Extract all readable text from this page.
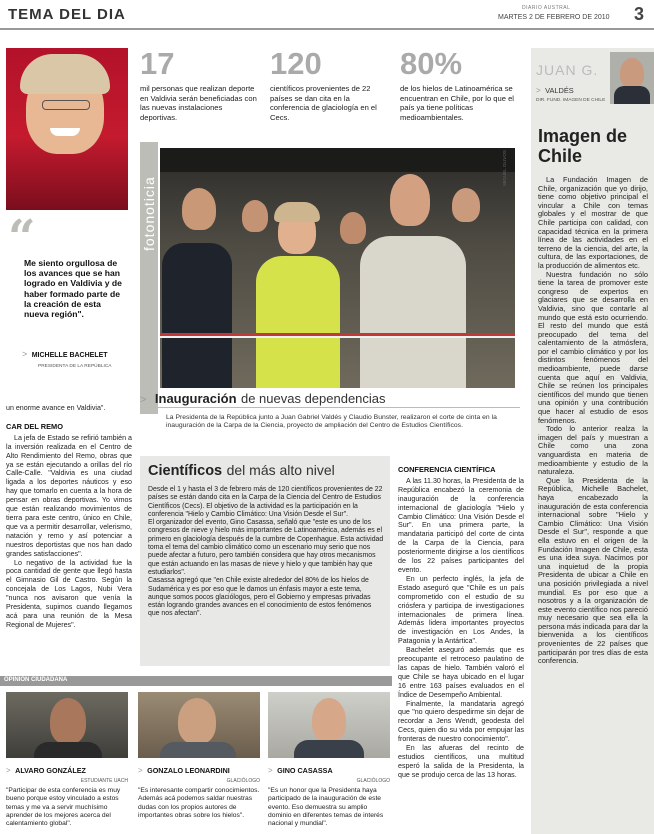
TEMA DEL DIA	DIARIO AUSTRAL
MARTES 2 DE FEBRERO DE 2010 3
17
mil personas que realizan deporte en Valdivia serán beneficiadas con las nuevas instalaciones deportivas.
120
científicos provenientes de 22 países se dan cita en la conferencia de glaciología en el Cecs.
80%
de los hielos de Latinoamérica se encuentran en Chile, por lo que el país ya tiene políticas medioambientales.
fotonoticia
MIGUEL OLIVOS
> Inauguración de nuevas dependencias
La Presidenta de la República junto a Juan Gabriel Valdés y Claudio Bunster, realizaron el corte de cinta en la inauguración de la Carpa de la Ciencia, proyecto de ampliación del Centro de Estudios Científicos.
“
Me siento orgullosa de los avances que se han logrado en Valdivia y de haber formado parte de la creación de esta nueva región".
> MICHELLE BACHELET
PRESIDENTA DE LA REPÚBLICA
un enorme avance en Valdivia".
CAR DEL REMO

La jefa de Estado se refirió también a la inversión realizada en el Centro de Alto Rendimiento del Remo, obras que ya se están ejecutando a orillas del río Calle-Calle. "Valdivia es una ciudad ligada a los deportes náuticos y eso hay que tomarlo en cuenta a la hora de pensar en obras deportivas. Yo vimos que están realizando movimientos de tierra para este centro, único en Chile, que va a permitir desarrollar, velerismo, natación y remo y así potenciar a nuestros deportistas que nos han dado grandes satisfacciones".

Lo negativo de la actividad fue la poca cantidad de gente que llegó hasta el Gimnasio Gil de Castro. Según la concejala de Los Lagos, Nubi Vera "nunca nos avisaron que venía la Presidenta, supimos cuando llegamos acá para una reunión de la Mesa Regional de Mujeres".

Científicos del más alto nivel

Desde el 1 y hasta el 3 de febrero más de 120 científicos provenientes de 22 países se están dando cita en la Carpa de la Ciencia del Centro de Estudios Científicos (Cecs). El objetivo de la actividad es la participación en la conferencia "Hielo y Cambio Climático: Una Visión Desde el Sur".

El organizador del evento, Gino Casassa, señaló que "este es uno de los congresos de nieve y hielo más importantes de Latinoamérica, además es el primero en glaciología después de la cumbre de Copenhague. Esta actividad toma el tema del cambio climático como un escenario muy serio que nos puede afectar a futuro, pero también considera que hay otros mecanismos que están actuando en las masas de nieve y hielo y que también hay que estudiarlos".

Casassa agregó que "en Chile existe alrededor del 80% de los hielos de Sudamérica y es por eso que le damos un énfasis mayor a este tema, aunque somos pocos glaciólogos, pero el Gobierno y empresas privadas están logrando grandes avances en el conocimiento de estos fenómenos que nos afectan".

CONFERENCIA CIENTÍFICA

A las 11.30 horas, la Presidenta de la República encabezó la ceremonia de inauguración de la conferencia internacional de glaciología "Hielo y Cambio Climático: Una Visión Desde el Sur". En una primera parte, la mandataria participó del corte de cinta de la Carpa de la Ciencia, para posteriormente dirigirse a los científicos de los 22 países participantes del evento.

En un perfecto inglés, la jefa de Estado aseguró que "Chile es un país comprometido con el estudio de su criósfera y participa de investigaciones internacionales de primera línea. Además lidera importantes proyectos de investigación en Los Andes, la Patagonia y la Antártica".

Bachelet aseguró además que es preocupante el retroceso paulatino de las capas de hielo. También valoró el que Chile se haya ubicado en el lugar 16 entre 163 países evaluados en el Índice de Desempeño Ambiental.

Finalmente, la mandataria agregó que "no quiero despedirme sin dejar de recordar a Jens Wendt, geodesta del Cecs, quien dio su vida por empujar las fronteras de nuestro conocimiento".

En las afueras del recinto de estudios científicos, una multitud esperó la salida de la Presidenta, la que se produjo cerca de las 13 horas.

OPINIÓN CIUDADANA
> ALVARO GONZÁLEZ
ESTUDIANTE UACH
"Participar de esta conferencia es muy bueno porque estoy vinculado a estos temas y me va a servir muchísimo aprender de los mejores acerca del calentamiento global".
> GONZALO LEONARDINI
GLACIÓLOGO
"Es interesante compartir conocimientos. Además acá podemos saldar nuestras dudas con los propios autores de importantes obras sobre los hielos".
> GINO CASASSA
GLACIÓLOGO
"Es un honor que la Presidenta haya participado de la inauguración de este evento. Eso demuestra su amplio dominio en diferentes temas de interés nacional y mundial".
JUAN G.
> VALDÉS
DIR. FUND. IMAGEN DE CHILE
Imagen de Chile

La Fundación Imagen de Chile, organización que yo dirijo, tiene como objetivo principal el vincular a Chile con temas globales y el mostrar de que Chile participa con calidad, con capacidad técnica en la primera línea de las actividades en el terreno de la ciencia, del arte, la cultura, de las exportaciones, de la producción de alimentos etc.

Nuestra fundación no sólo tiene la tarea de promover este congreso de expertos en glaciares que se desarrolla en Valdivia, sino que contarle al mundo que está esto ocurriendo. El resto del mundo que está preocupado del tema del calentamiento de la atmósfera, por el cambio climático y por los distintos fenómenos del medioambiente, puede darse cuenta que aquí en Valdivia, Chile se reúnen los principales científicos del mundo que tienen una opinión y una contribución que hacer al estudio de esos fenómenos.

Todo lo anterior realza la imagen del país y muestran a Chile como una zona vanguardista en materia de medioambiente y estudio de la naturaleza.

Que la Presidenta de la República, Michelle Bachelet, haya encabezado la inauguración de esta conferencia internacional sobre "Hielo y Cambio Climático: Una Visión Desde el Sur", responde a que ella estuvo en el origen de la Fundación Imagen de Chile, esta es una idea suya. Nacimos por una inquietud de la propia Presidenta de ubicar a Chile en una posición privilegiada a nivel mundial. Es por eso que a nosotros y a la organización de este evento científico nos pareció muy necesario que sea ella la persona más indicada para dar la bienvenida a los científicos provenientes de 22 países que participarán por tres días de esta conferencia.
